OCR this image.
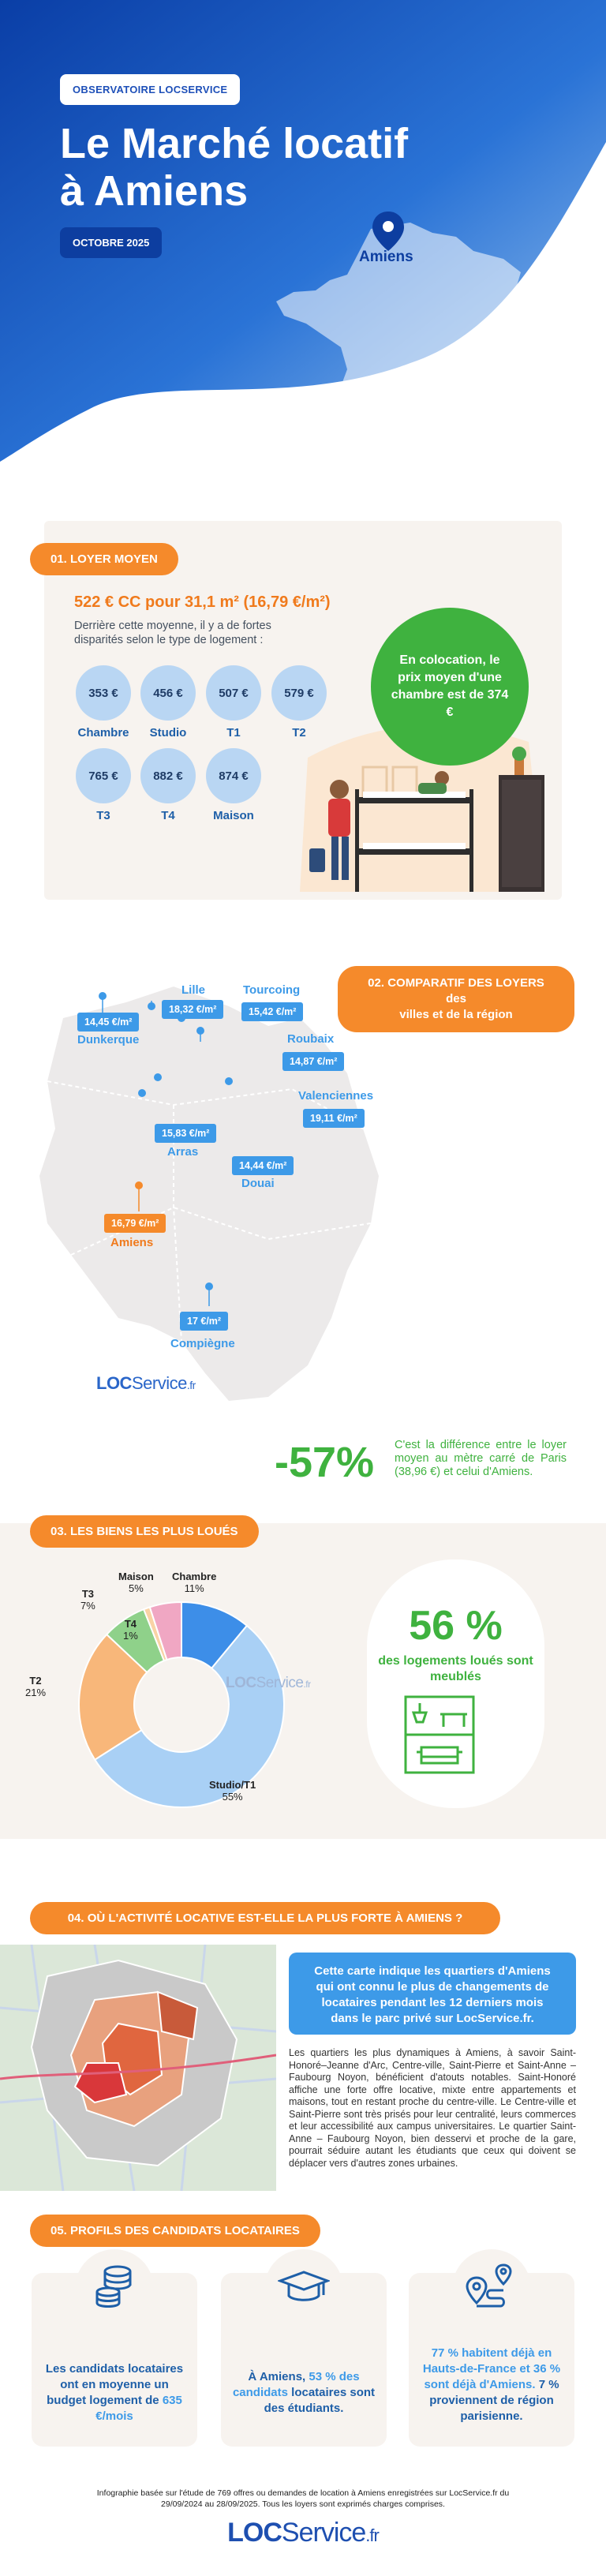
OBSERVATOIRE LOCSERVICE
Le Marché locatif
à Amiens
OCTOBRE 2025
Amiens
01. LOYER MOYEN
522 € CC pour 31,1 m² (16,79 €/m²)
Derrière cette moyenne, il y a de fortes disparités selon le type de logement :
353 €
Chambre
456 €
Studio
507 €
T1
579 €
T2
765 €
T3
882 €
T4
874 €
Maison
En colocation, le prix moyen d'une chambre est de 374 €
02. COMPARATIF DES LOYERS des
villes et de la région
Lille
18,32 €/m²
Tourcoing
15,42 €/m²
14,45 €/m²
Dunkerque	Roubaix
14,87 €/m²
Valenciennes
19,11 €/m²
15,83 €/m²
Arras
14,44 €/m²
Douai
16,79 €/m²
Amiens
17 €/m²
Compiègne
LOCService.fr
-57% C'est la différence entre le loyer moyen au mètre carré de Paris (38,96 €) et celui d'Amiens.
03. LES BIENS LES PLUS LOUÉS
Chambre
11%
Studio/T1
55%
T2
21%
T3
7%
T4
1%
Maison
5%
LOCService.fr
56 %
des logements loués sont meublés
04. OÙ L'ACTIVITÉ LOCATIVE EST-ELLE LA PLUS FORTE À AMIENS ?
Cette carte indique les quartiers d'Amiens qui ont connu le plus de changements de locataires pendant les 12 derniers mois dans le parc privé sur LocService.fr.
Les quartiers les plus dynamiques à Amiens, à savoir Saint-Honoré–Jeanne d'Arc, Centre-ville, Saint-Pierre et Saint-Anne – Faubourg Noyon, bénéficient d'atouts notables. Saint-Honoré affiche une forte offre locative, mixte entre appartements et maisons, tout en restant proche du centre-ville. Le Centre-ville et Saint-Pierre sont très prisés pour leur centralité, leurs commerces et leur accessibilité aux campus universitaires. Le quartier Saint-Anne – Faubourg Noyon, bien desservi et proche de la gare, pourrait séduire autant les étudiants que ceux qui doivent se déplacer vers d'autres zones urbaines.
05. PROFILS DES CANDIDATS LOCATAIRES
Les candidats locataires ont en moyenne un budget logement de 635 €/mois
À Amiens, 53 % des candidats locataires sont des étudiants.
77 % habitent déjà en Hauts-de-France et 36 % sont déjà d'Amiens. 7 % proviennent de région parisienne.
Infographie basée sur l'étude de 769 offres ou demandes de location à Amiens enregistrées sur LocService.fr du 29/09/2024 au 28/09/2025. Tous les loyers sont exprimés charges comprises.
LOCService.fr
